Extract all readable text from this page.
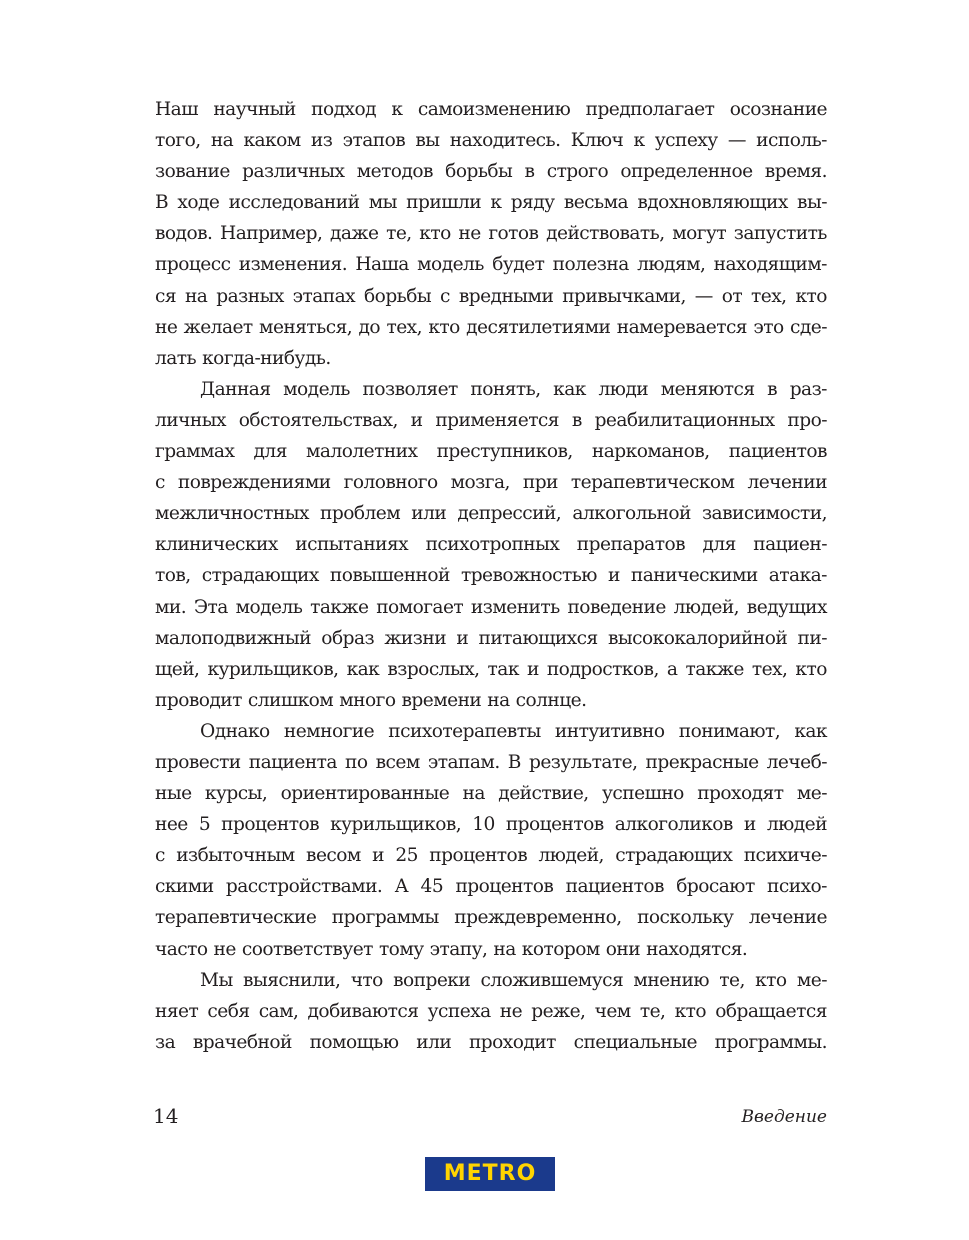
Наш научный подход к самоизменению предполагает осознание
того, на каком из этапов вы находитесь. Ключ к успеху — исполь-
зование различных методов борьбы в строго определенное время.
В ходе исследований мы пришли к ряду весьма вдохновляющих вы-
водов. Например, даже те, кто не готов действовать, могут запустить
процесс изменения. Наша модель будет полезна людям, находящим-
ся на разных этапах борьбы с вредными привычками, — от тех, кто
не желает меняться, до тех, кто десятилетиями намеревается это сде-
лать когда-нибудь.
Данная модель позволяет понять, как люди меняются в раз-
личных обстоятельствах, и применяется в реабилитационных про-
граммах для малолетних преступников, наркоманов, пациентов
с повреждениями головного мозга, при терапевтическом лечении
межличностных проблем или депрессий, алкогольной зависимости,
клинических испытаниях психотропных препаратов для пациен-
тов, страдающих повышенной тревожностью и паническими атака-
ми. Эта модель также помогает изменить поведение людей, ведущих
малоподвижный образ жизни и питающихся высококалорийной пи-
щей, курильщиков, как взрослых, так и подростков, а также тех, кто
проводит слишком много времени на солнце.
Однако немногие психотерапевты интуитивно понимают, как
провести пациента по всем этапам. В результате, прекрасные лечеб-
ные курсы, ориентированные на действие, успешно проходят ме-
нее 5 процентов курильщиков, 10 процентов алкоголиков и людей
с избыточным весом и 25 процентов людей, страдающих психиче-
скими расстройствами. А 45 процентов пациентов бросают психо-
терапевтические программы преждевременно, поскольку лечение
часто не соответствует тому этапу, на котором они находятся.
Мы выяснили, что вопреки сложившемуся мнению те, кто ме-
няет себя сам, добиваются успеха не реже, чем те, кто обращается
за врачебной помощью или проходит специальные программы.
14	Введение
METRO
